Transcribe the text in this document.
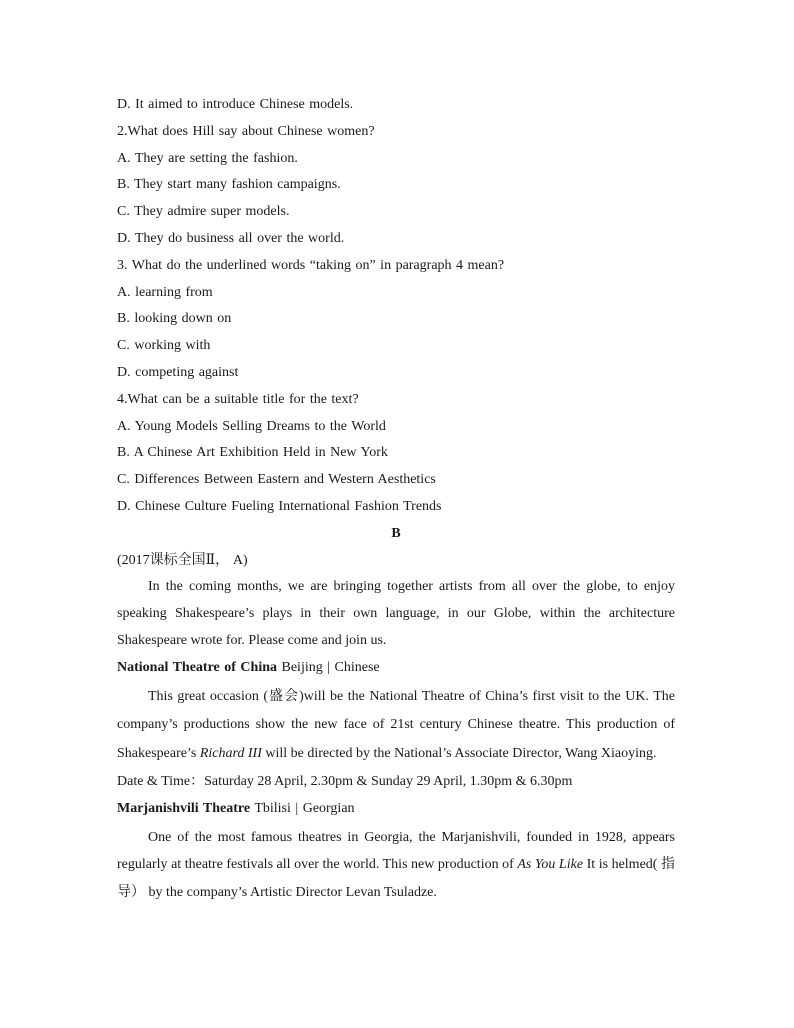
D. It aimed to introduce Chinese models.
2.What does Hill say about Chinese women?
A. They are setting the fashion.
B. They start many fashion campaigns.
C. They admire super models.
D. They do business all over the world.
3. What do the underlined words “taking on” in paragraph 4 mean?
A. learning from
B. looking down on
C. working with
D. competing against
4.What can be a suitable title for the text?
A. Young Models Selling Dreams to the World
B. A Chinese Art Exhibition Held in New York
C. Differences Between Eastern and Western Aesthetics
D. Chinese Culture Fueling International Fashion Trends
B
(2017课标全国Ⅱ， A)

In the coming months, we are bringing together artists from all over the globe, to enjoy speaking Shakespeare’s plays in their own language, in our Globe, within the architecture Shakespeare wrote for. Please come and join us.

National Theatre of China Beijing | Chinese

This great occasion (盛会)will be the National Theatre of China’s first visit to the UK. The company’s productions show the new face of 21st century Chinese theatre. This production of Shakespeare’s Richard III will be directed by the National’s Associate Director, Wang Xiaoying.

Date & Time：Saturday 28 April, 2.30pm & Sunday 29 April, 1.30pm & 6.30pm
Marjanishvili Theatre Tbilisi | Georgian

One of the most famous theatres in Georgia, the Marjanishvili, founded in 1928, appears regularly at theatre festivals all over the world. This new production of As You Like It is helmed( 指导） by the company’s Artistic Director Levan Tsuladze.
